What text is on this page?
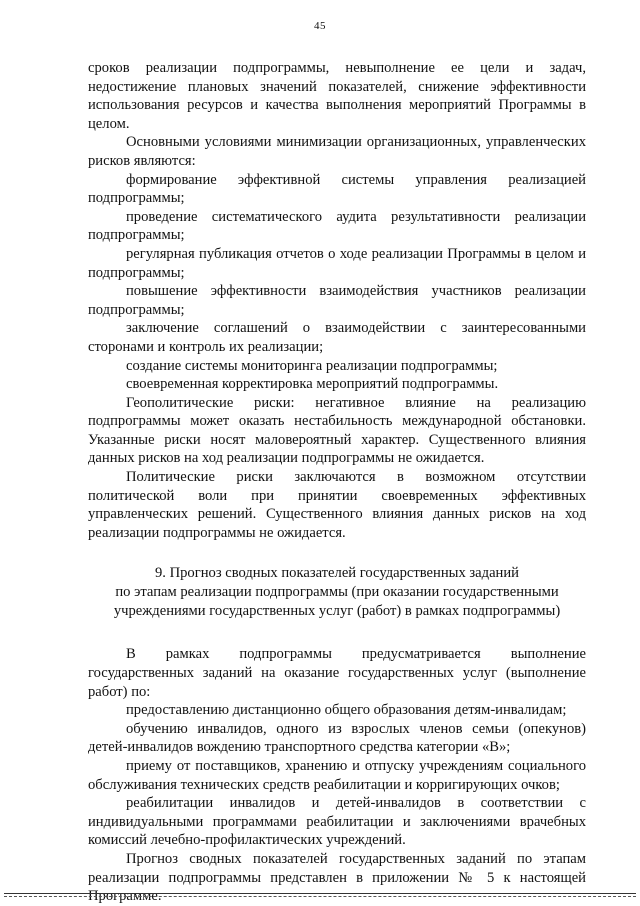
45

сроков реализации подпрограммы, невыполнение ее цели и задач, недостижение плановых значений показателей, снижение эффективности использования ресурсов и качества выполнения мероприятий Программы в целом.

Основными условиями минимизации организационных, управленческих рисков являются:

формирование эффективной системы управления реализацией подпрограммы;

проведение систематического аудита результативности реализации подпрограммы;

регулярная публикация отчетов о ходе реализации Программы в целом и подпрограммы;

повышение эффективности взаимодействия участников реализации подпрограммы;

заключение соглашений о взаимодействии с заинтересованными сторонами и контроль их реализации;

создание системы мониторинга реализации подпрограммы;

своевременная корректировка мероприятий подпрограммы.

Геополитические риски: негативное влияние на реализацию подпрограммы может оказать нестабильность международной обстановки. Указанные риски носят маловероятный характер. Существенного влияния данных рисков на ход реализации подпрограммы не ожидается.

Политические риски заключаются в возможном отсутствии политической воли при принятии своевременных эффективных управленческих решений. Существенного влияния данных рисков на ход реализации подпрограммы не ожидается.

9. Прогноз сводных показателей государственных заданий
по этапам реализации подпрограммы (при оказании государственными
учреждениями государственных услуг (работ) в рамках подпрограммы)

В рамках подпрограммы предусматривается выполнение государственных заданий на оказание государственных услуг (выполнение работ) по:

предоставлению дистанционно общего образования детям-инвалидам;

обучению инвалидов, одного из взрослых членов семьи (опекунов) детей-инвалидов вождению транспортного средства категории «В»;

приему от поставщиков, хранению и отпуску учреждениям социального обслуживания технических средств реабилитации и корригирующих очков;

реабилитации инвалидов и детей-инвалидов в соответствии с индивидуальными программами реабилитации и заключениями врачебных комиссий лечебно-профилактических учреждений.

Прогноз сводных показателей государственных заданий по этапам реализации подпрограммы представлен в приложении № 5 к настоящей Программе.
